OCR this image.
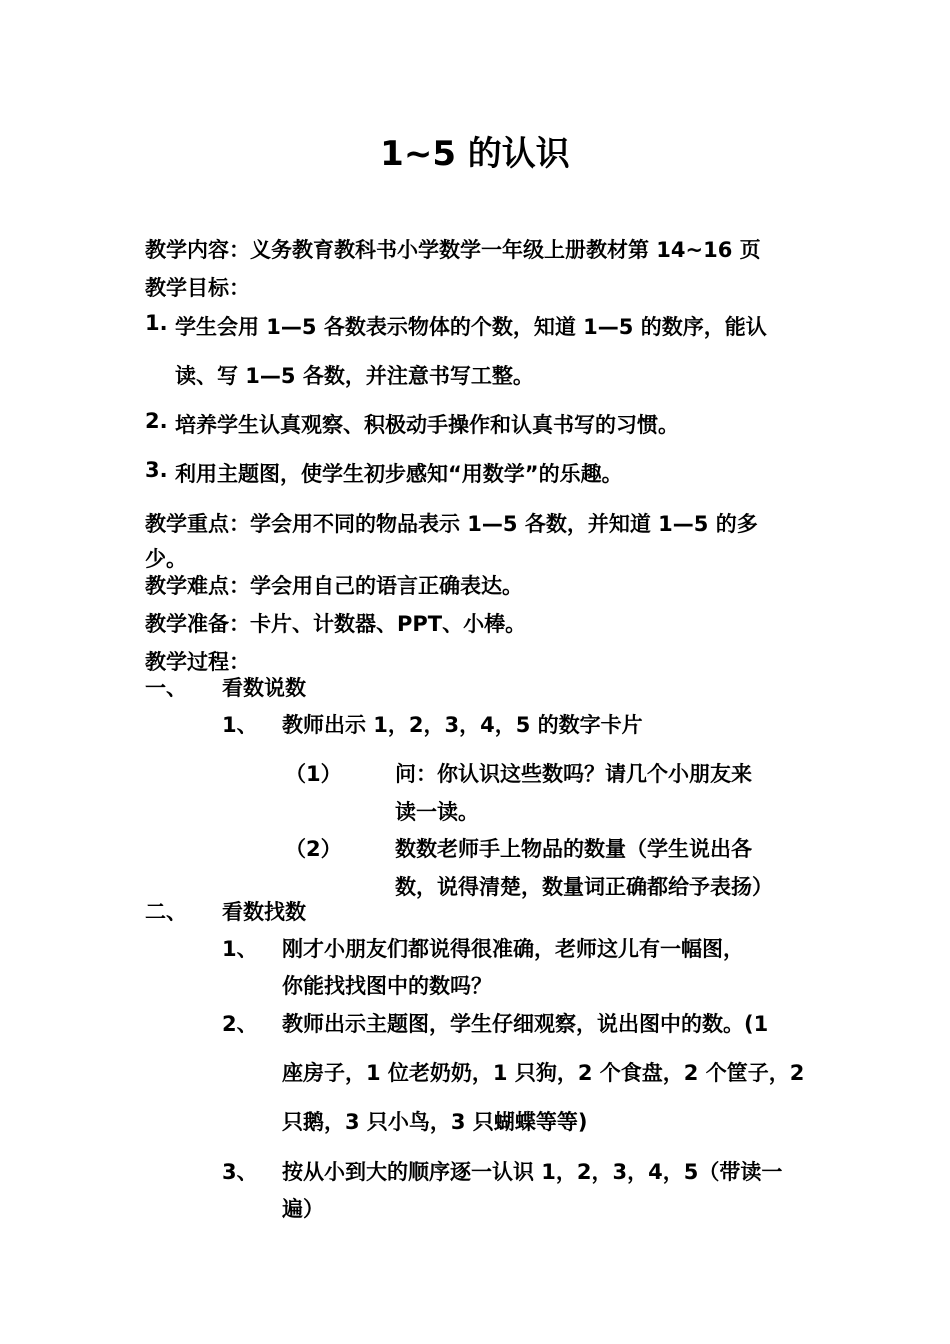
1~5 的认识
教学内容：义务教育教科书小学数学一年级上册教材第 14~16 页
教学目标：
1. 学生会用 1—5 各数表示物体的个数，知道 1—5 的数序，能认
读、写 1—5 各数，并注意书写工整。
2. 培养学生认真观察、积极动手操作和认真书写的习惯。
3. 利用主题图，使学生初步感知“用数学”的乐趣。
教学重点：学会用不同的物品表示 1—5 各数，并知道 1—5 的多
少。
教学难点：学会用自己的语言正确表达。
教学准备：卡片、计数器、PPT、小棒。
教学过程：
一、 看数说数
1、 教师出示 1，2，3，4，5 的数字卡片
（1）	问：你认识这些数吗？请几个小朋友来
读一读。
（2）	数数老师手上物品的数量（学生说出各
数，说得清楚，数量词正确都给予表扬）
二、 看数找数
1、 刚才小朋友们都说得很准确，老师这儿有一幅图，
你能找找图中的数吗？
2、 教师出示主题图，学生仔细观察，说出图中的数。(1
座房子，1 位老奶奶，1 只狗，2 个食盘，2 个筐子，2
只鹅，3 只小鸟，3 只蝴蝶等等)
3、 按从小到大的顺序逐一认识 1，2，3，4，5（带读一
遍）
